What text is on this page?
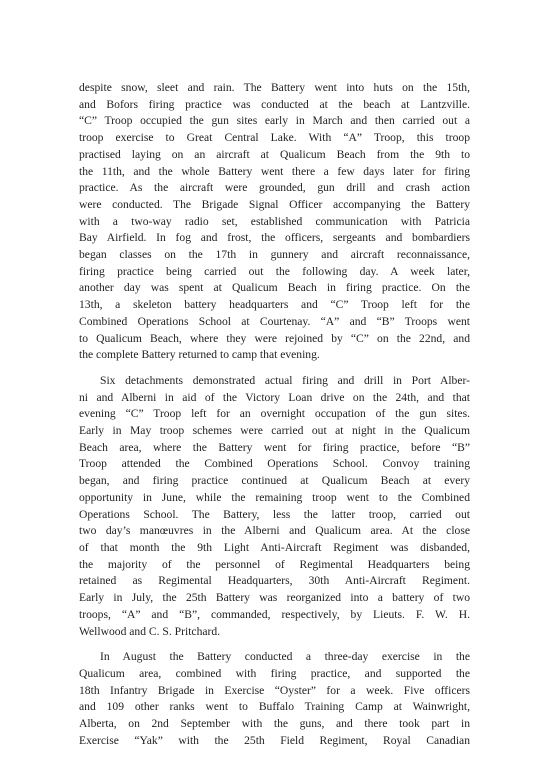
despite snow, sleet and rain. The Battery went into huts on the 15th,
and Bofors firing practice was conducted at the beach at Lantzville.
“C” Troop occupied the gun sites early in March and then carried out a
troop exercise to Great Central Lake. With “A” Troop, this troop
practised laying on an aircraft at Qualicum Beach from the 9th to
the 11th, and the whole Battery went there a few days later for firing
practice. As the aircraft were grounded, gun drill and crash action
were conducted. The Brigade Signal Officer accompanying the Battery
with a two-way radio set, established communication with Patricia
Bay Airfield. In fog and frost, the officers, sergeants and bombardiers
began classes on the 17th in gunnery and aircraft reconnaissance,
firing practice being carried out the following day. A week later,
another day was spent at Qualicum Beach in firing practice. On the
13th, a skeleton battery headquarters and “C” Troop left for the
Combined Operations School at Courtenay. “A” and “B” Troops went
to Qualicum Beach, where they were rejoined by “C” on the 22nd, and
the complete Battery returned to camp that evening.
Six detachments demonstrated actual firing and drill in Port Alber-
ni and Alberni in aid of the Victory Loan drive on the 24th, and that
evening “C” Troop left for an overnight occupation of the gun sites.
Early in May troop schemes were carried out at night in the Qualicum
Beach area, where the Battery went for firing practice, before “B”
Troop attended the Combined Operations School. Convoy training
began, and firing practice continued at Qualicum Beach at every
opportunity in June, while the remaining troop went to the Combined
Operations School. The Battery, less the latter troop, carried out
two day’s manœuvres in the Alberni and Qualicum area. At the close
of that month the 9th Light Anti-Aircraft Regiment was disbanded,
the majority of the personnel of Regimental Headquarters being
retained as Regimental Headquarters, 30th Anti-Aircraft Regiment.
Early in July, the 25th Battery was reorganized into a battery of two
troops, “A” and “B”, commanded, respectively, by Lieuts. F. W. H.
Wellwood and C. S. Pritchard.
In August the Battery conducted a three-day exercise in the
Qualicum area, combined with firing practice, and supported the
18th Infantry Brigade in Exercise “Oyster” for a week. Five officers
and 109 other ranks went to Buffalo Training Camp at Wainwright,
Alberta, on 2nd September with the guns, and there took part in
Exercise “Yak” with the 25th Field Regiment, Royal Canadian
